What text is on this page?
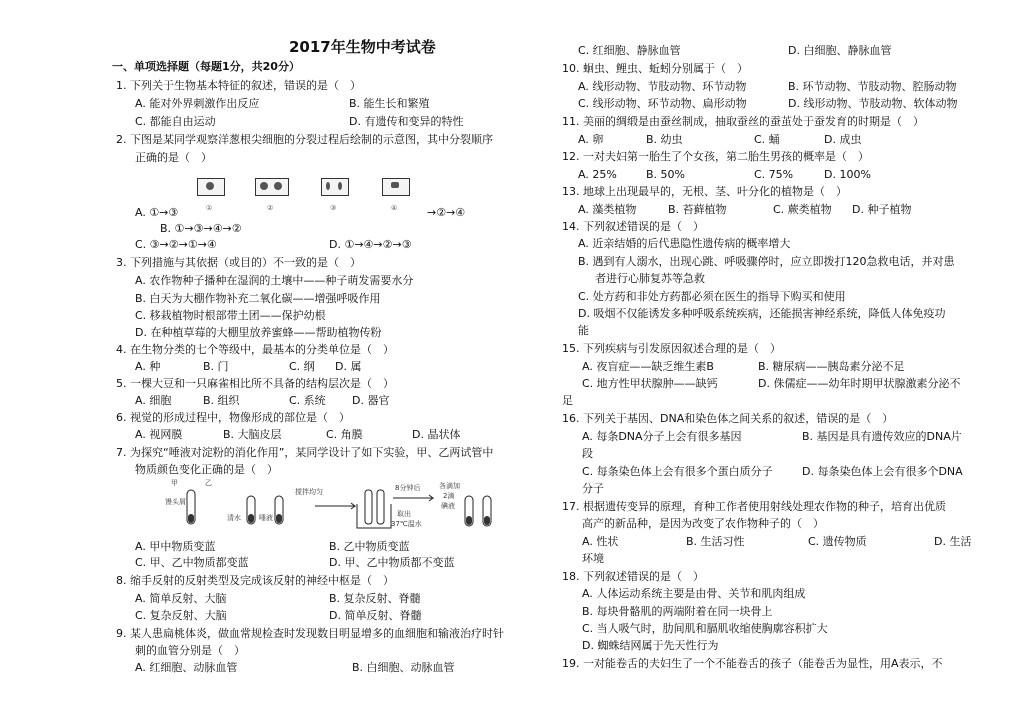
2017年生物中考试卷
一、单项选择题（每题1分，共20分）
1. 下列关于生物基本特征的叙述，错误的是（　）
A. 能对外界刺激作出反应	B. 能生长和繁殖
C. 都能自由运动	D. 有遗传和变异的特性
2. 下图是某同学观察洋葱根尖细胞的分裂过程后绘制的示意图，其中分裂顺序
正确的是（　）
①	②	③	④
A. ①→③	→②→④
B. ①→③→④→②
C. ③→②→①→④	D. ①→④→②→③
3. 下列措施与其依据（或目的）不一致的是（　）
A. 农作物种子播种在湿润的土壤中——种子萌发需要水分
B. 白天为大棚作物补充二氧化碳——增强呼吸作用
C. 移栽植物时根部带土团——保护幼根
D. 在种植草莓的大棚里放养蜜蜂——帮助植物传粉
4. 在生物分类的七个等级中，最基本的分类单位是（　）
A. 种	B. 门	C. 纲 D. 属
5. 一棵大豆和一只麻雀相比所不具备的结构层次是（　）
A. 细胞	B. 组织	C. 系统 D. 器官
6. 视觉的形成过程中，物像形成的部位是（　）
A. 视网膜	B. 大脑皮层	C. 角膜	D. 晶状体
7. 为探究“唾液对淀粉的消化作用”，某同学设计了如下实验，甲、乙两试管中
物质颜色变化正确的是（　）
甲	乙
馒头屑
清水	唾液
搅拌均匀	8分钟后
取出
37℃温水
各滴加
2滴
碘液
A. 甲中物质变蓝	B. 乙中物质变蓝
C. 甲、乙中物质都变蓝	D. 甲、乙中物质都不变蓝
8. 缩手反射的反射类型及完成该反射的神经中枢是（　）
A. 简单反射、大脑	B. 复杂反射、脊髓
C. 复杂反射、大脑	D. 简单反射、脊髓
9. 某人患扁桃体炎，做血常规检查时发现数目明显增多的血细胞和输液治疗时针
刺的血管分别是（　）
A. 红细胞、动脉血管	B. 白细胞、动脉血管
C. 红细胞、静脉血管	D. 白细胞、静脉血管
10. 蛔虫、鲤虫、蚯蚓分别属于（　）
A. 线形动物、节肢动物、环节动物	B. 环节动物、节肢动物、腔肠动物
C. 线形动物、环节动物、扁形动物	D. 线形动物、节肢动物、软体动物
11. 美丽的绸缎是由蚕丝制成，抽取蚕丝的蚕茧处于蚕发育的时期是（　）
A. 卵	B. 幼虫	C. 蛹	D. 成虫
12. 一对夫妇第一胎生了个女孩，第二胎生男孩的概率是（　）
A. 25%	B. 50%	C. 75%	D. 100%
13. 地球上出现最早的，无根、茎、叶分化的植物是（　）
A. 藻类植物	B. 苔藓植物	C. 蕨类植物 D. 种子植物
14. 下列叙述错误的是（　）
A. 近亲结婚的后代患隐性遗传病的概率增大
B. 遇到有人溺水，出现心跳、呼吸骤停时，应立即拨打120急救电话，并对患
者进行心肺复苏等急救
C. 处方药和非处方药都必须在医生的指导下购买和使用
D. 吸烟不仅能诱发多种呼吸系统疾病，还能损害神经系统，降低人体免疫功
能
15. 下列疾病与引发原因叙述合理的是（　）
A. 夜盲症——缺乏维生素B	B. 糖尿病——胰岛素分泌不足
C. 地方性甲状腺肿——缺钙	D. 侏儒症——幼年时期甲状腺激素分泌不
足
16. 下列关于基因、DNA和染色体之间关系的叙述，错误的是（　）
A. 每条DNA分子上会有很多基因	B. 基因是具有遗传效应的DNA片
段
C. 每条染色体上会有很多个蛋白质分子	D. 每条染色体上会有很多个DNA
分子
17. 根据遗传变异的原理，育种工作者使用射线处理农作物的种子，培育出优质
高产的新品种，是因为改变了农作物种子的（　）
A. 性状	B. 生活习性	C. 遗传物质	D. 生活
环境
18. 下列叙述错误的是（　）
A. 人体运动系统主要是由骨、关节和肌肉组成
B. 每块骨骼肌的两端附着在同一块骨上
C. 当人吸气时，肋间肌和膈肌收缩使胸廓容积扩大
D. 蜘蛛结网属于先天性行为
19. 一对能卷舌的夫妇生了一个不能卷舌的孩子（能卷舌为显性，用A表示，不
